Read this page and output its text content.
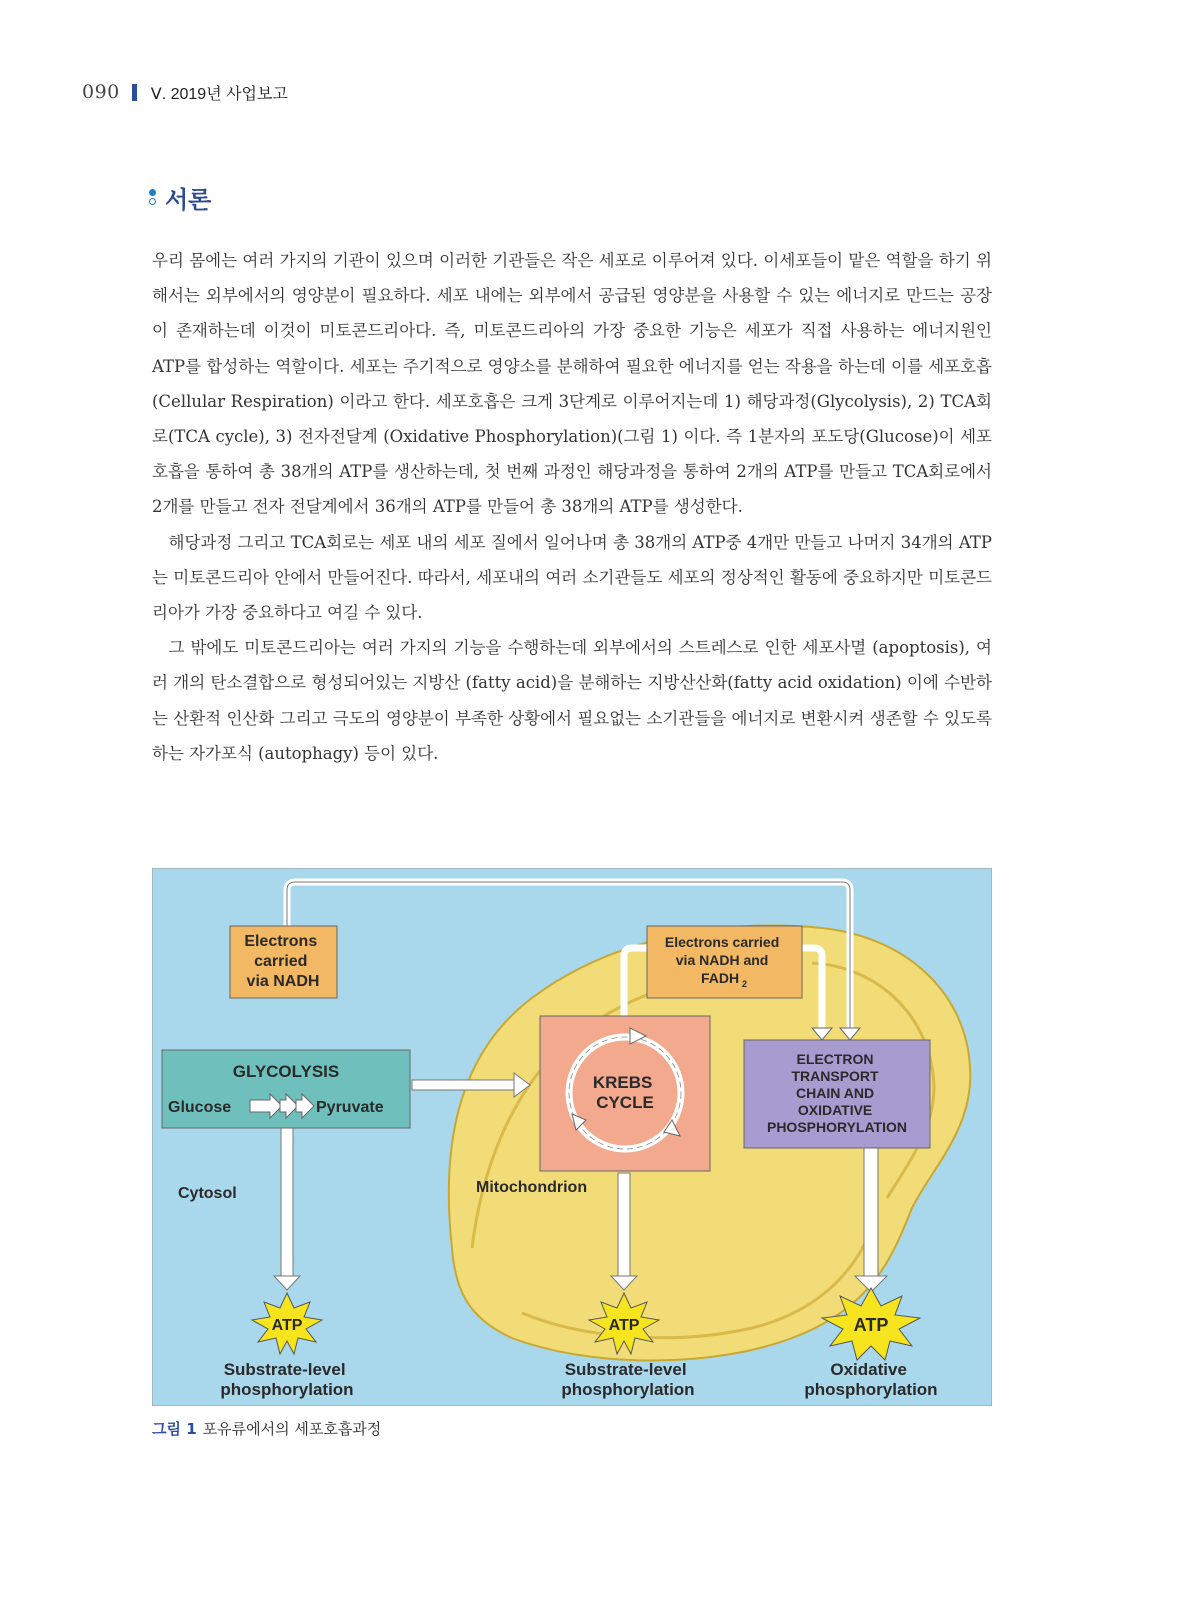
090 Ⅴ. 2019년 사업보고
서론

우리 몸에는 여러 가지의 기관이 있으며 이러한 기관들은 작은 세포로 이루어져 있다. 이세포들이 맡은 역할을 하기 위해서는 외부에서의 영양분이 필요하다. 세포 내에는 외부에서 공급된 영양분을 사용할 수 있는 에너지로 만드는 공장이 존재하는데 이것이 미토콘드리아다. 즉, 미토콘드리아의 가장 중요한 기능은 세포가 직접 사용하는 에너지원인 ATP를 합성하는 역할이다. 세포는 주기적으로 영양소를 분해하여 필요한 에너지를 얻는 작용을 하는데 이를 세포호흡 (Cellular Respiration) 이라고 한다. 세포호흡은 크게 3단계로 이루어지는데 1) 해당과정(Glycolysis), 2) TCA회로(TCA cycle), 3) 전자전달계 (Oxidative Phosphorylation)(그림 1) 이다. 즉 1분자의 포도당(Glucose)이 세포 호흡을 통하여 총 38개의 ATP를 생산하는데, 첫 번째 과정인 해당과정을 통하여 2개의 ATP를 만들고 TCA회로에서 2개를 만들고 전자 전달계에서 36개의 ATP를 만들어 총 38개의 ATP를 생성한다.

해당과정 그리고 TCA회로는 세포 내의 세포 질에서 일어나며 총 38개의 ATP중 4개만 만들고 나머지 34개의 ATP는 미토콘드리아 안에서 만들어진다. 따라서, 세포내의 여러 소기관들도 세포의 정상적인 활동에 중요하지만 미토콘드리아가 가장 중요하다고 여길 수 있다.

그 밖에도 미토콘드리아는 여러 가지의 기능을 수행하는데 외부에서의 스트레스로 인한 세포사멸 (apoptosis), 여러 개의 탄소결합으로 형성되어있는 지방산 (fatty acid)을 분해하는 지방산산화(fatty acid oxidation) 이에 수반하는 산환적 인산화 그리고 극도의 영양분이 부족한 상황에서 필요없는 소기관들을 에너지로 변환시켜 생존할 수 있도록 하는 자가포식 (autophagy) 등이 있다.

Electrons carried via NADH
Electrons carried via NADH and FADH 2
GLYCOLYSIS
Glucose	Pyruvate
KREBS CYCLE
ELECTRON TRANSPORT CHAIN AND OXIDATIVE PHOSPHORYLATION
Cytosol	Mitochondrion
ATP	ATP	ATP
Substrate-level phosphorylation
Substrate-level phosphorylation
Oxidative phosphorylation
그림 1 포유류에서의 세포호흡과정
